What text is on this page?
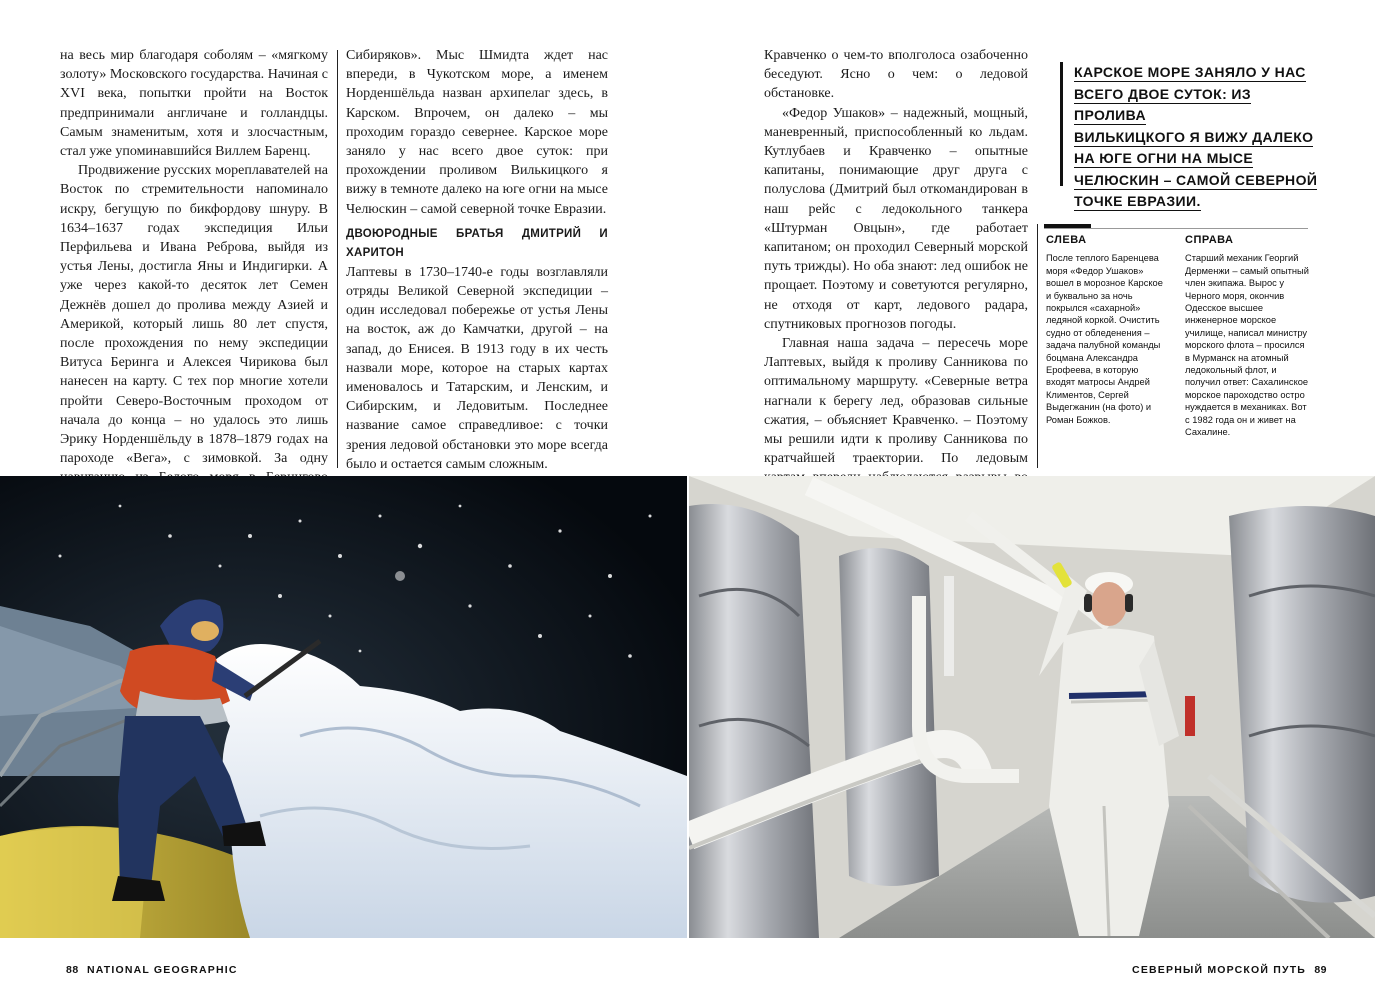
на весь мир благодаря соболям – «мягкому золоту» Московского государства. Начиная с XVI века, попытки пройти на Восток предпринимали англичане и голландцы. Самым знаменитым, хотя и злосчастным, стал уже упоминавшийся Виллем Баренц.

Продвижение русских мореплавателей на Восток по стремительности напоминало искру, бегущую по бикфордову шнуру. В 1634–1637 годах экспедиция Ильи Перфильева и Ивана Реброва, выйдя из устья Лены, достигла Яны и Индигирки. А уже через какой-то десяток лет Семен Дежнёв дошел до пролива между Азией и Америкой, который лишь 80 лет спустя, после прохождения по нему экспедиции Витуса Беринга и Алексея Чирикова был нанесен на карту. С тех пор многие хотели пройти Северо-Восточным проходом от начала до конца – но удалось это лишь Эрику Норденшёльду в 1878–1879 годах на пароходе «Вега», с зимовкой. За одну

Сибиряков». Мыс Шмидта ждет нас впереди, в Чукотском море, а именем Норденшёльда назван архипелаг здесь, в Карском. Впрочем, он далеко – мы проходим гораздо севернее. Карское море заняло у нас всего двое суток: при прохождении проливом Вилькицкого я вижу в темноте далеко на юге огни на мысе Челюскин – самой северной точке Евразии.

ДВОЮРОДНЫЕ БРАТЬЯ ДМИТРИЙ И ХАРИТОН

Лаптевы в 1730–1740-е годы возглавляли отряды Великой Северной экспедиции – один исследовал побережье от устья Лены на восток, аж до Камчатки, другой – на запад, до Енисея. В 1913 году в их честь назвали море, которое на старых картах именовалось и Татарским, и Ленским, и Сибирским, и Ледовитым. Последнее название самое справедливое: с точки зрения ледовой обстановки это море всегда было и остается самым сложным.

Кравченко о чем-то вполголоса озабоченно беседуют. Ясно о чем: о ледовой обстановке.

«Федор Ушаков» – надежный, мощный, маневренный, приспособленный ко льдам. Кутлубаев и Кравченко – опытные капитаны, понимающие друг друга с полуслова (Дмитрий был откомандирован в наш рейс с ледокольного танкера «Штурман Овцын», где работает капитаном; он проходил Северный морской путь трижды). Но оба знают: лед ошибок не прощает. Поэтому и советуются регулярно, не отходя от карт, ледового радара, спутниковых прогнозов погоды.

Главная наша задача – пересечь море Лаптевых, выйдя к проливу Санникова по оптимальному маршруту. «Северные ветра нагнали к берегу лед, образовав сильные сжатия, – объясняет Кравченко. – Поэтому мы решили идти к проливу Санникова по кратчайшей траектории. По ледовым

КАРСКОЕ МОРЕ ЗАНЯЛО У НАС
ВСЕГО ДВОЕ СУТОК: ИЗ ПРОЛИВА
ВИЛЬКИЦКОГО Я ВИЖУ ДАЛЕКО
НА ЮГЕ ОГНИ НА МЫСЕ
ЧЕЛЮСКИН – САМОЙ СЕВЕРНОЙ
ТОЧКЕ ЕВРАЗИИ.
СЛЕВА
После теплого Баренцева моря «Федор Ушаков» вошел в морозное Карское и буквально за ночь покрылся «сахарной» ледяной коркой. Очистить судно от обледенения – задача палубной команды боцмана Александра Ерофеева, в которую входят матросы Андрей Климентов, Сергей Выдегжанин (на фото) и Роман Божков.
СПРАВА
Старший механик Георгий Дерменжи – самый опытный член экипажа. Вырос у Черного моря, окончив Одесское высшее инженерное морское училище, написал министру морского флота – просился в Мурманск на атомный ледокольный флот, и получил ответ: Сахалинское морское пароходство остро нуждается в механиках. Вот с 1982 года он и живет на Сахалине.
88 NATIONAL GEOGRAPHIC	СЕВЕРНЫЙ МОРСКОЙ ПУТЬ 89
